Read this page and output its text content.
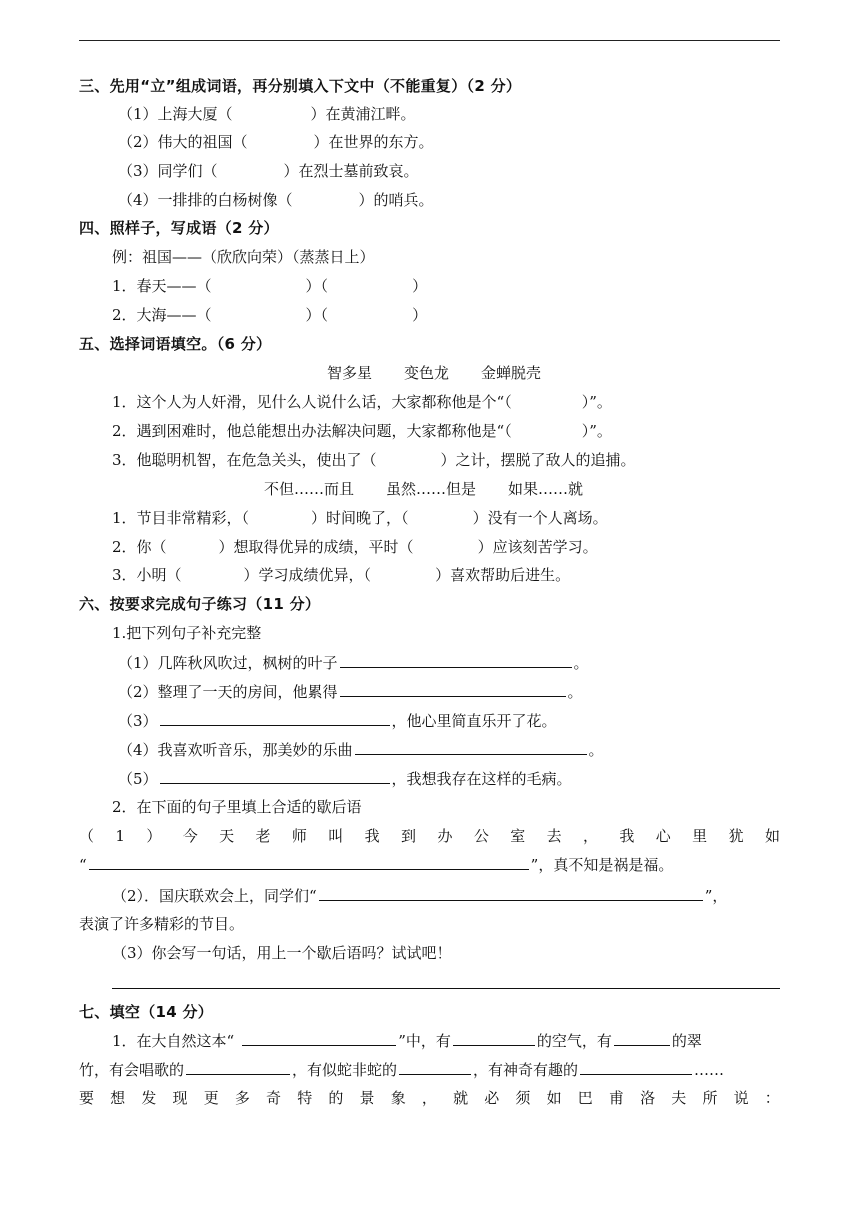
三、先用“立”组成词语，再分别填入下文中（不能重复）（2 分）
（1）上海大厦（	）在黄浦江畔。
（2）伟大的祖国（	）在世界的东方。
（3）同学们（	）在烈士墓前致哀。
（4）一排排的白杨树像（	）的哨兵。
四、照样子，写成语（2 分）
例：祖国——（欣欣向荣）（蒸蒸日上）
1．春天——（	）（	）
2．大海——（	）（	）
五、选择词语填空。（6 分）
智多星 变色龙 金蝉脱壳
1．这个人为人奸滑，见什么人说什么话，大家都称他是个“（	）”。
2．遇到困难时，他总能想出办法解决问题，大家都称他是“（	）”。
3．他聪明机智，在危急关头，使出了（	）之计，摆脱了敌人的追捕。
不但……而且 虽然……但是 如果……就
1．节目非常精彩，（	）时间晚了，（	）没有一个人离场。
2．你（	）想取得优异的成绩，平时（	）应该刻苦学习。
3．小明（	）学习成绩优异，（	）喜欢帮助后进生。
六、按要求完成句子练习（11 分）
1.把下列句子补充完整
（1）几阵秋风吹过，枫树的叶子	。
（2）整理了一天的房间，他累得	。
（3）	，他心里简直乐开了花。
（4）我喜欢听音乐，那美妙的乐曲	。
（5）	，我想我存在这样的毛病。
2．在下面的句子里填上合适的歇后语
（ 1 ） 今 天 老 师 叫 我 到 办 公 室 去 ， 我 心 里 犹 如
“	”，真不知是祸是福。
（2）．国庆联欢会上，同学们“	”，
表演了许多精彩的节目。
（3）你会写一句话，用上一个歇后语吗？试试吧！
七、填空（14 分）
1．在大自然这本“	”中，有	的空气，有	的翠
竹，有会唱歌的	，有似蛇非蛇的	，有神奇有趣的	……
要 想 发 现 更 多 奇 特 的 景 象 ， 就 必 须 如 巴 甫 洛 夫 所 说 ：
